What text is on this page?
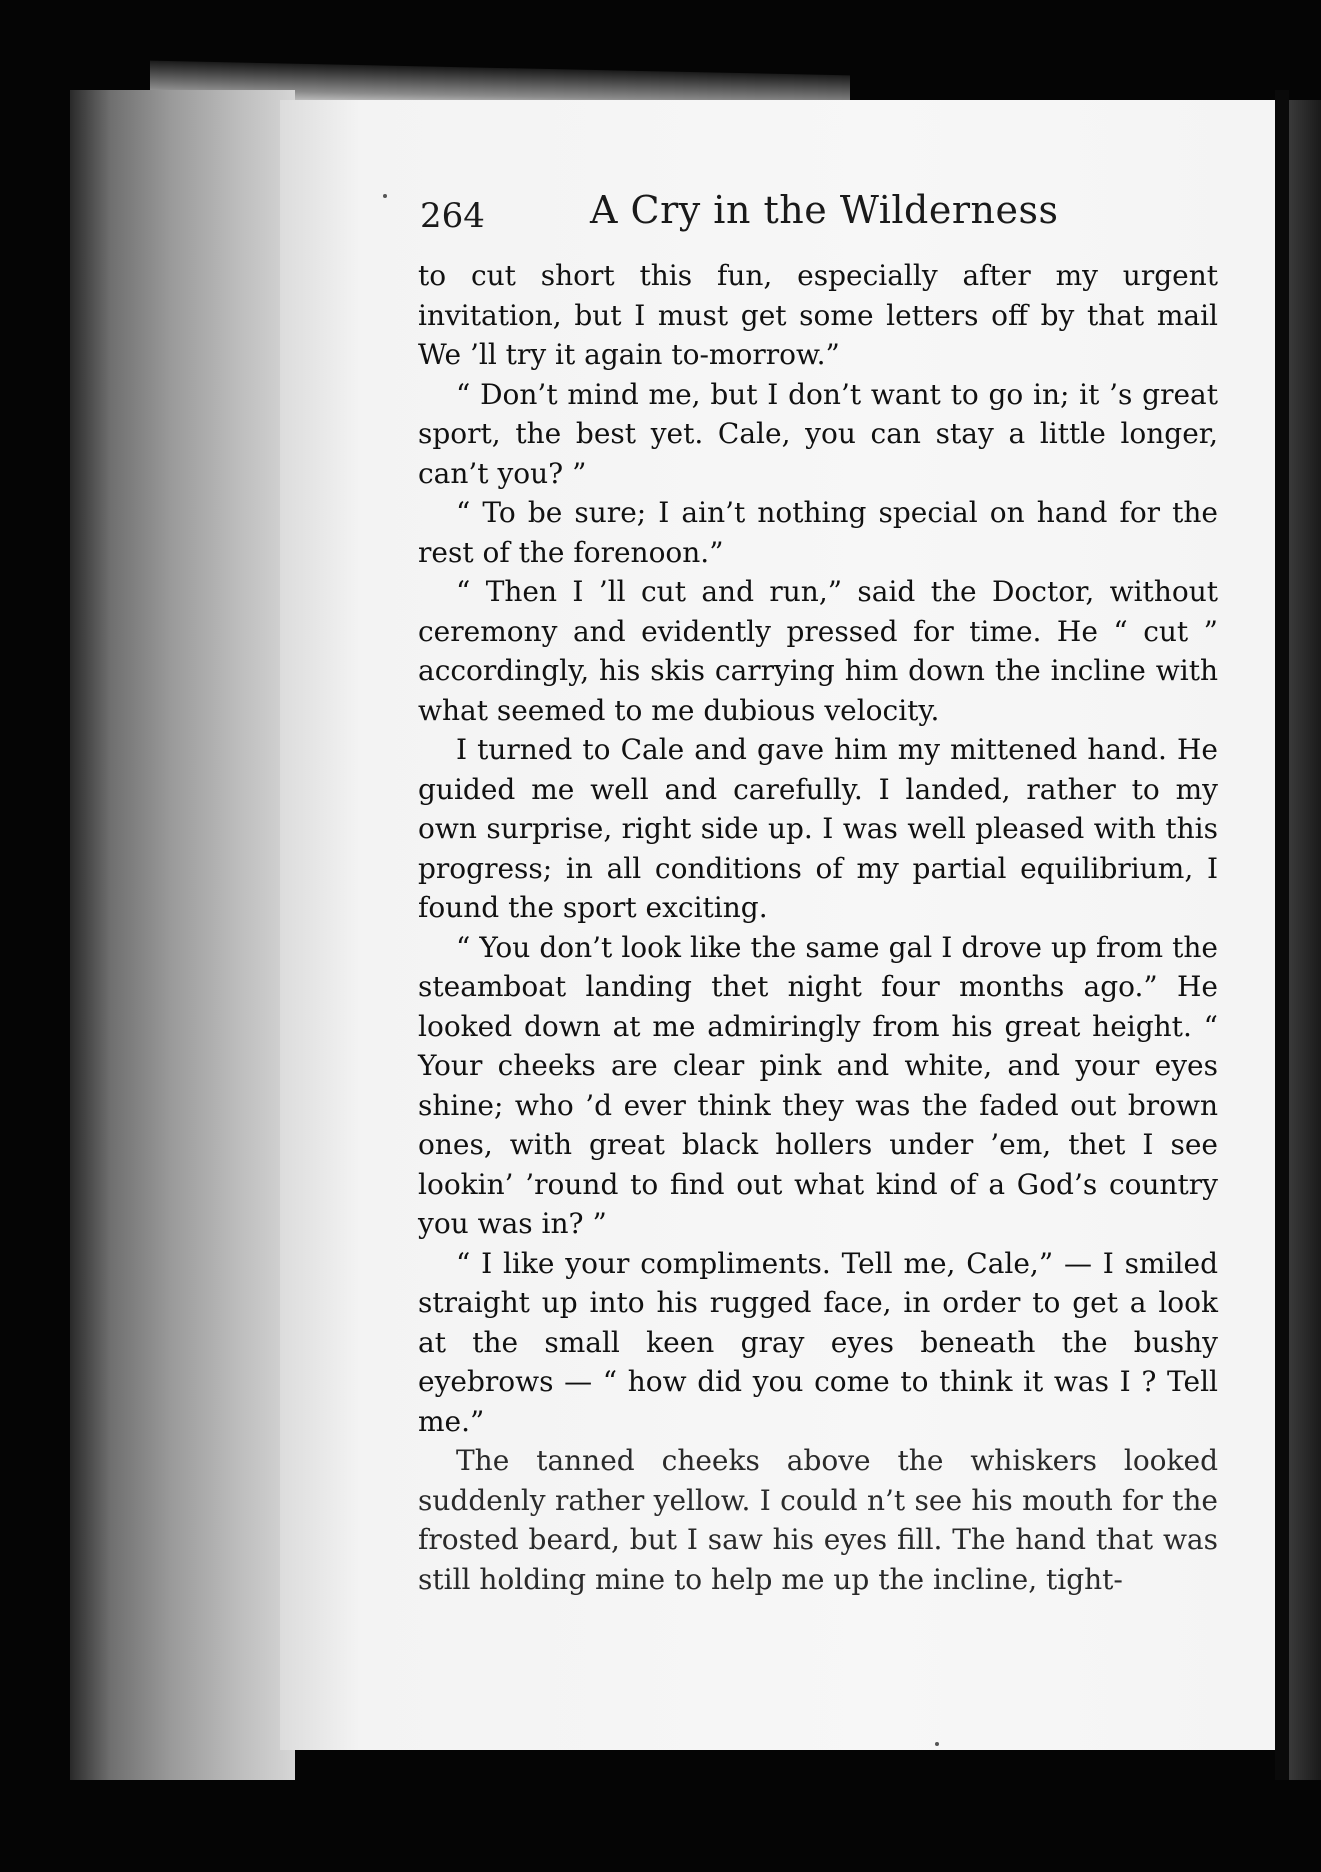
264	A Cry in the Wilderness

to cut short this fun, especially after my urgent invitation, but I must get some letters off by that mail We ’ll try it again to-morrow.”

“ Don’t mind me, but I don’t want to go in; it ’s great sport, the best yet. Cale, you can stay a little longer, can’t you? ”

“ To be sure; I ain’t nothing special on hand for the rest of the forenoon.”

“ Then I ’ll cut and run,” said the Doctor, without ceremony and evidently pressed for time. He “ cut ” accordingly, his skis carrying him down the incline with what seemed to me dubious velocity.

I turned to Cale and gave him my mittened hand. He guided me well and carefully. I landed, rather to my own surprise, right side up. I was well pleased with this progress; in all conditions of my partial equilibrium, I found the sport exciting.

“ You don’t look like the same gal I drove up from the steamboat landing thet night four months ago.” He looked down at me admiringly from his great height. “ Your cheeks are clear pink and white, and your eyes shine; who ’d ever think they was the faded out brown ones, with great black hollers under ’em, thet I see lookin’ ’round to find out what kind of a God’s country you was in? ”

“ I like your compliments. Tell me, Cale,” — I smiled straight up into his rugged face, in order to get a look at the small keen gray eyes beneath the bushy eyebrows — “ how did you come to think it was I ? Tell me.”

The tanned cheeks above the whiskers looked suddenly rather yellow. I could n’t see his mouth for the frosted beard, but I saw his eyes fill. The hand that was still holding mine to help me up the incline, tight-
